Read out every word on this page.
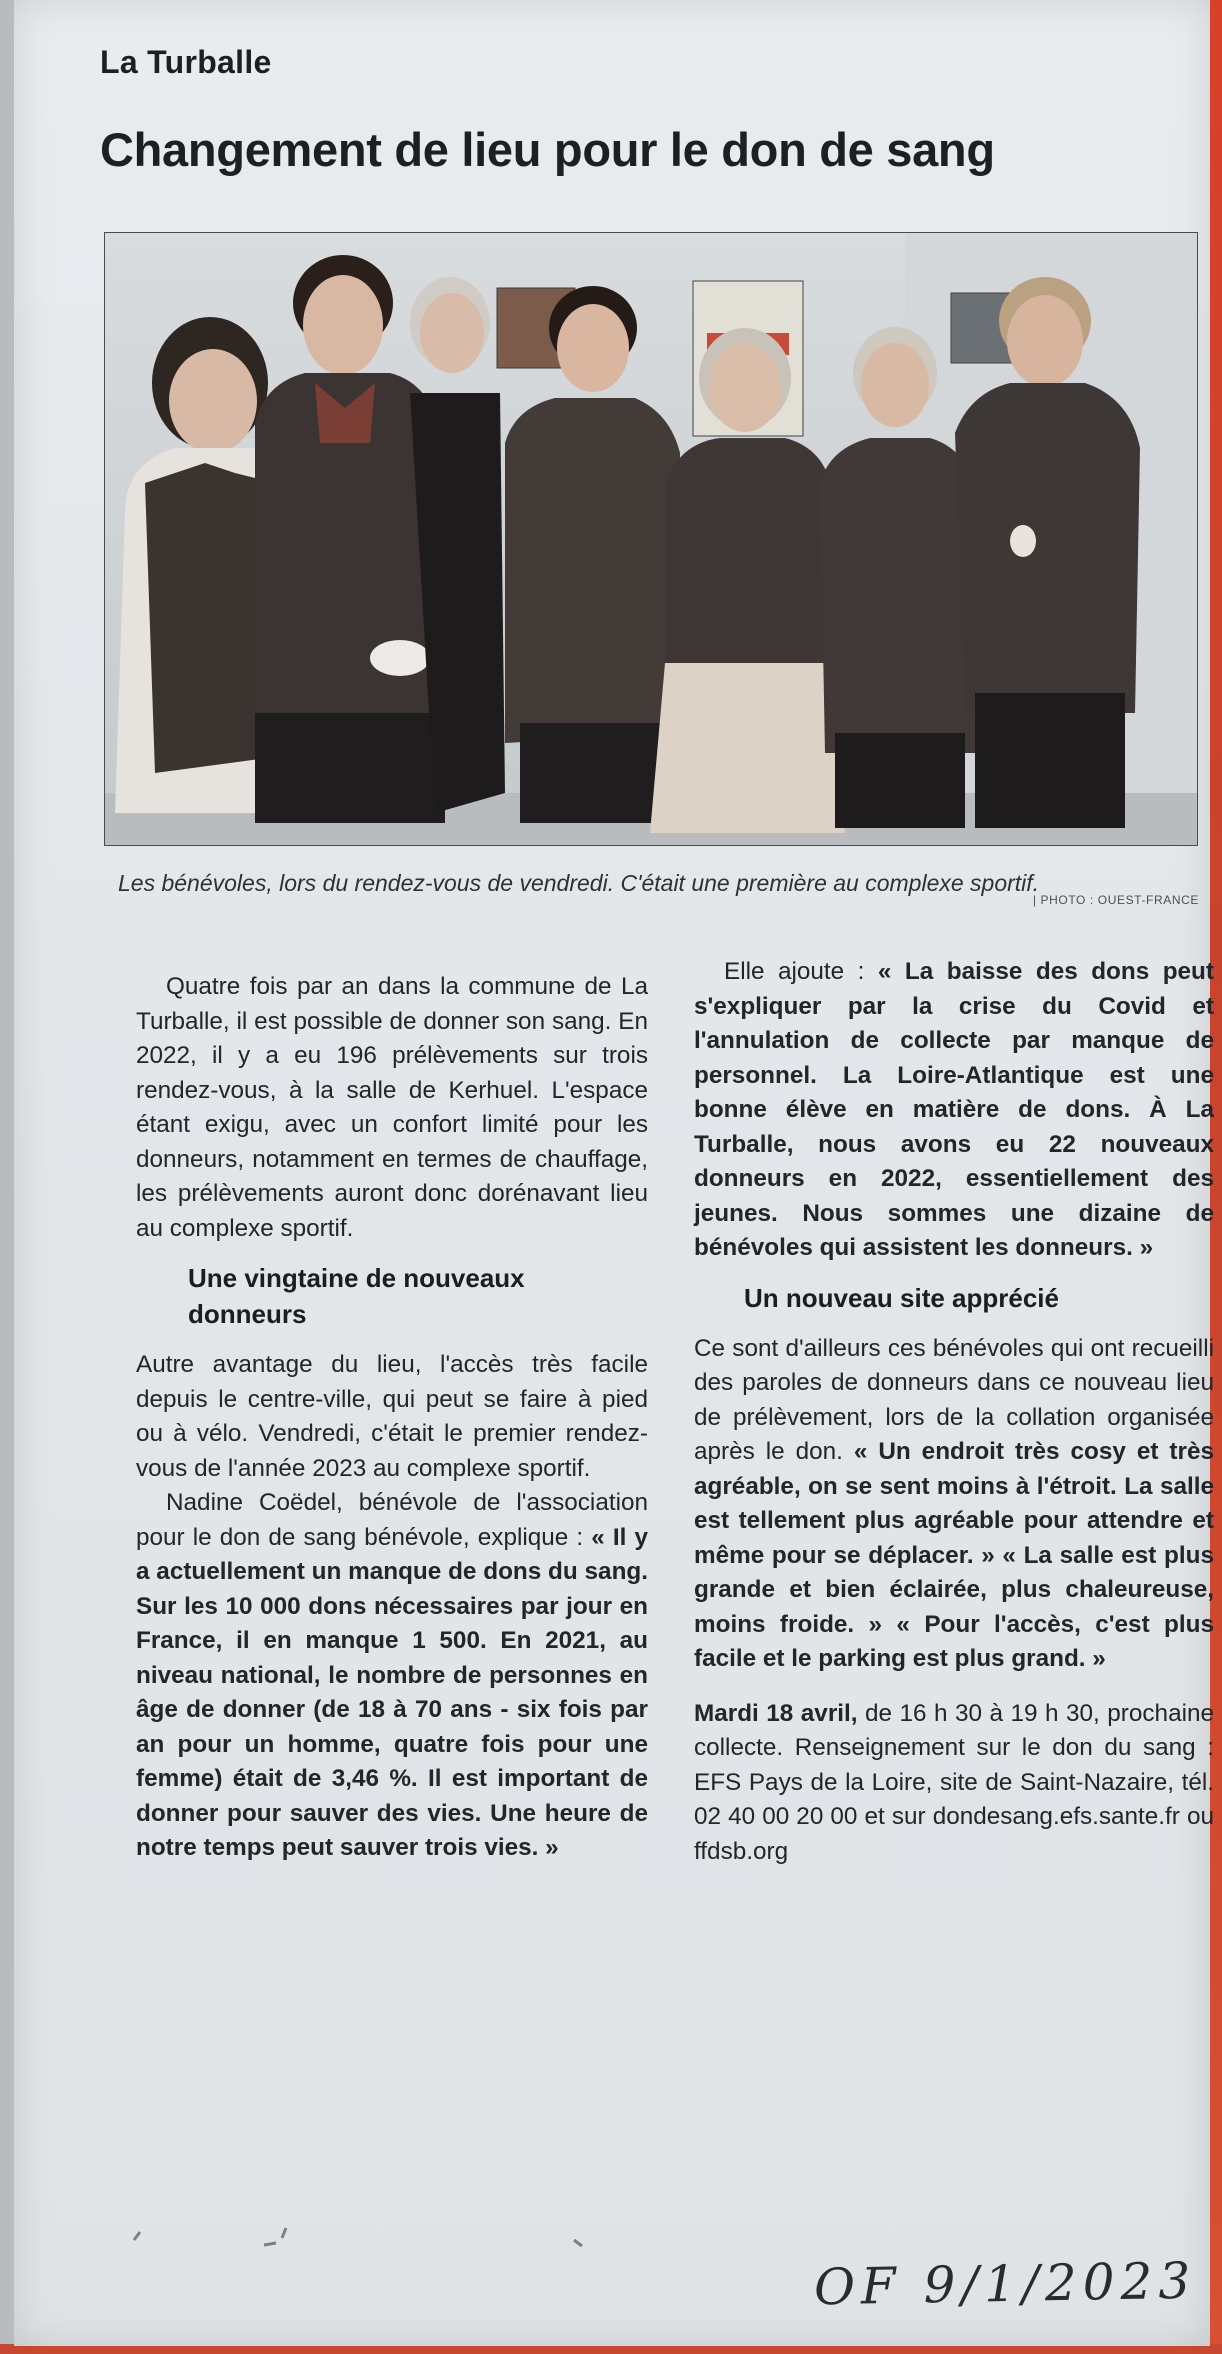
La Turballe
Changement de lieu pour le don de sang
Les bénévoles, lors du rendez-vous de vendredi. C'était une première au complexe sportif.
| PHOTO : OUEST-FRANCE

Quatre fois par an dans la commune de La Turballe, il est possible de donner son sang. En 2022, il y a eu 196 prélèvements sur trois rendez-vous, à la salle de Kerhuel. L'espace étant exigu, avec un confort limité pour les donneurs, notamment en termes de chauffage, les prélèvements auront donc dorénavant lieu au complexe sportif.

Une vingtaine de nouveaux donneurs

Autre avantage du lieu, l'accès très facile depuis le centre-ville, qui peut se faire à pied ou à vélo. Vendredi, c'était le premier rendez-vous de l'année 2023 au complexe sportif.

Nadine Coëdel, bénévole de l'association pour le don de sang bénévole, explique : « Il y a actuellement un manque de dons du sang. Sur les 10 000 dons nécessaires par jour en France, il en manque 1 500. En 2021, au niveau national, le nombre de personnes en âge de donner (de 18 à 70 ans - six fois par an pour un homme, quatre fois pour une femme) était de 3,46 %. Il est important de donner pour sauver des vies. Une heure de notre temps peut sauver trois vies. »

Elle ajoute : « La baisse des dons peut s'expliquer par la crise du Covid et l'annulation de collecte par manque de personnel. La Loire-Atlantique est une bonne élève en matière de dons. À La Turballe, nous avons eu 22 nouveaux donneurs en 2022, essentiellement des jeunes. Nous sommes une dizaine de bénévoles qui assistent les donneurs. »

Un nouveau site apprécié

Ce sont d'ailleurs ces bénévoles qui ont recueilli des paroles de donneurs dans ce nouveau lieu de prélèvement, lors de la collation organisée après le don. « Un endroit très cosy et très agréable, on se sent moins à l'étroit. La salle est tellement plus agréable pour attendre et même pour se déplacer. » « La salle est plus grande et bien éclairée, plus chaleureuse, moins froide. » « Pour l'accès, c'est plus facile et le parking est plus grand. »

Mardi 18 avril, de 16 h 30 à 19 h 30, prochaine collecte. Renseignement sur le don du sang : EFS Pays de la Loire, site de Saint-Nazaire, tél. 02 40 00 20 00 et sur dondesang.efs.sante.fr ou ffdsb.org

OF 9/1/2023
